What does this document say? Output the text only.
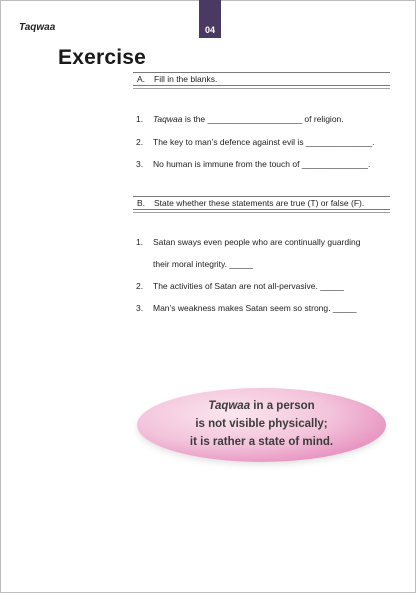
Taqwaa	04
Exercise
A. Fill in the blanks.
1. Taqwaa is the ____________________ of religion.
2. The key to man’s defence against evil is ______________.
3. No human is immune from the touch of ______________.
B. State whether these statements are true (T) or false (F).
1. Satan sways even people who are continually guarding
their moral integrity. _____
2. The activities of Satan are not all-pervasive. _____
3. Man’s weakness makes Satan seem so strong. _____
Taqwaa in a person
is not visible physically;
it is rather a state of mind.
